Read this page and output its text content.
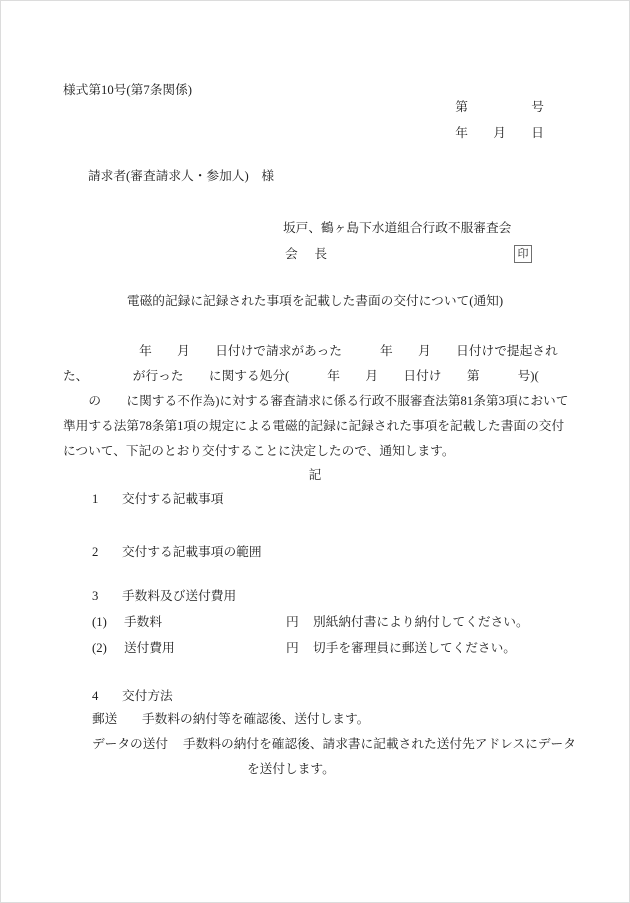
様式第10号(第7条関係)
第　　　　　号
年　　月　　日
請求者(審査請求人・参加人)　様
坂戸、鶴ヶ島下水道組合行政不服審査会
会　長	印
電磁的記録に記録された事項を記載した書面の交付について(通知)
　　　　　　年　　月　　日付けで請求があった　　　年　　月　　日付けで提起され
た、　　　　が行った　　に関する処分(　　　年　　月　　日付け　　第　　　号)(
　　の　　に関する不作為)に対する審査請求に係る行政不服審査法第81条第3項において
準用する法第78条第1項の規定による電磁的記録に記録された事項を記載した書面の交付
について、下記のとおり交付することに決定したので、通知します。
記
1	交付する記載事項
2	交付する記載事項の範囲
3	手数料及び送付費用
(1)	手数料	円	別紙納付書により納付してください。
(2)	送付費用	円	切手を審理員に郵送してください。
4	交付方法
郵送	手数料の納付等を確認後、送付します。
データの送付	手数料の納付を確認後、請求書に記載された送付先アドレスにデータ
を送付します。
